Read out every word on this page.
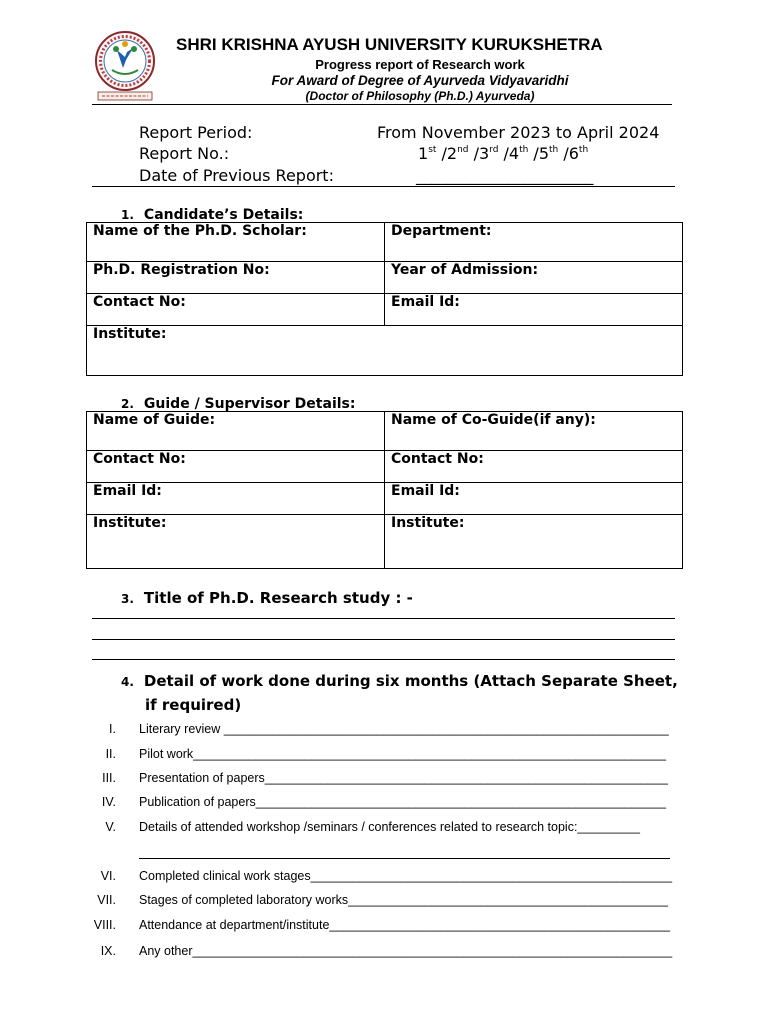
SHRI KRISHNA AYUSH UNIVERSITY KURUKSHETRA
Progress report of Research work
For Award of Degree of Ayurveda Vidyavaridhi
(Doctor of Philosophy (Ph.D.) Ayurveda)
Report Period:	From November 2023 to April 2024
Report No.:	1st /2nd /3rd /4th /5th /6th
Date of Previous Report:	_______________________
1. Candidate’s Details:
Name of the Ph.D. Scholar:	Department:
Ph.D. Registration No:	Year of Admission:
Contact No:	Email Id:
Institute:	
2. Guide / Supervisor Details:
Name of Guide:	Name of Co-Guide(if any):
Contact No:	Contact No:
Email Id:	Email Id:
Institute:	Institute:
3. Title of Ph.D. Research study : -
4. Detail of work done during six months (Attach Separate Sheet,
if required)
I. Literary review ________________________________________________________________
II. Pilot work____________________________________________________________________
III. Presentation of papers__________________________________________________________
IV. Publication of papers___________________________________________________________
V. Details of attended workshop /seminars / conferences related to research topic:_________
VI. Completed clinical work stages____________________________________________________
VII. Stages of completed laboratory works______________________________________________
VIII. Attendance at department/institute_________________________________________________
IX. Any other_____________________________________________________________________
